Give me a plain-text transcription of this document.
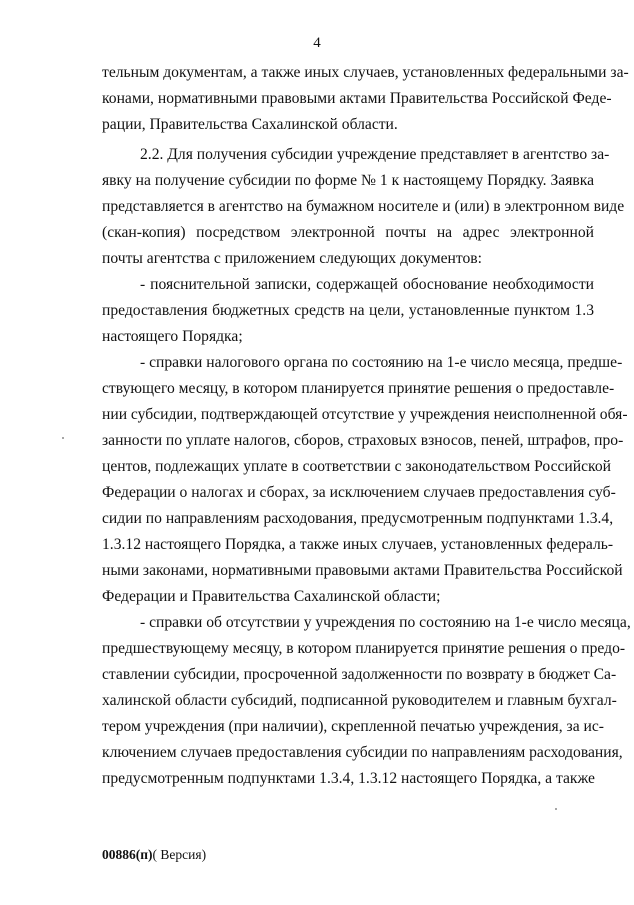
4
тельным документам, а также иных случаев, установленных федеральными за-
конами, нормативными правовыми актами Правительства Российской Феде-
рации, Правительства Сахалинской области.
2.2. Для получения субсидии учреждение представляет в агентство за-
явку на получение субсидии по форме № 1 к настоящему Порядку. Заявка
представляется в агентство на бумажном носителе и (или) в электронном виде
(скан-копия) посредством электронной почты на адрес электронной
почты агентства с приложением следующих документов:
- пояснительной записки, содержащей обоснование необходимости
предоставления бюджетных средств на цели, установленные пунктом 1.3
настоящего Порядка;
- справки налогового органа по состоянию на 1-е число месяца, предше-
ствующего месяцу, в котором планируется принятие решения о предоставле-
нии субсидии, подтверждающей отсутствие у учреждения неисполненной обя-
занности по уплате налогов, сборов, страховых взносов, пеней, штрафов, про-
центов, подлежащих уплате в соответствии с законодательством Российской
Федерации о налогах и сборах, за исключением случаев предоставления суб-
сидии по направлениям расходования, предусмотренным подпунктами 1.3.4,
1.3.12 настоящего Порядка, а также иных случаев, установленных федераль-
ными законами, нормативными правовыми актами Правительства Российской
Федерации и Правительства Сахалинской области;
- справки об отсутствии у учреждения по состоянию на 1-е число месяца,
предшествующему месяцу, в котором планируется принятие решения о предо-
ставлении субсидии, просроченной задолженности по возврату в бюджет Са-
халинской области субсидий, подписанной руководителем и главным бухгал-
тером учреждения (при наличии), скрепленной печатью учреждения, за ис-
ключением случаев предоставления субсидии по направлениям расходования,
предусмотренным подпунктами 1.3.4, 1.3.12 настоящего Порядка, а также
00886(п)( Версия)
